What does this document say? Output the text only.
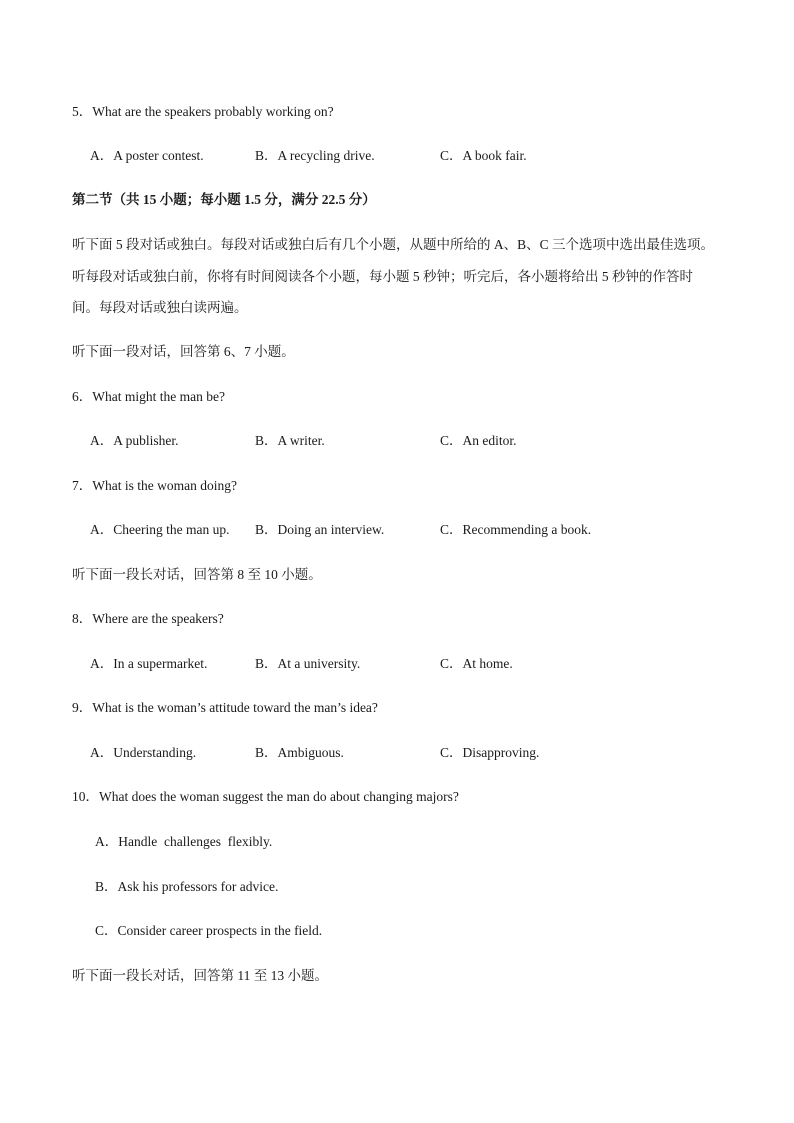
5．What are the speakers probably working on?
A．A poster contest.	B．A recycling drive.	C．A book fair.
第二节（共 15 小题；每小题 1.5 分，满分 22.5 分）
听下面 5 段对话或独白。每段对话或独白后有几个小题，从题中所给的 A、B、C 三个选项中选出最佳选项。
听每段对话或独白前，你将有时间阅读各个小题，每小题 5 秒钟；听完后，各小题将给出 5 秒钟的作答时
间。每段对话或独白读两遍。
听下面一段对话，回答第 6、7 小题。
6．What might the man be?
A．A publisher.	B．A writer.	C．An editor.
7．What is the woman doing?
A．Cheering the man up. B．Doing an interview.	C．Recommending a book.
听下面一段长对话，回答第 8 至 10 小题。
8．Where are the speakers?
A．In a supermarket.	B．At a university.	C．At home.
9．What is the woman’s attitude toward the man’s idea?
A．Understanding.	B．Ambiguous.	C．Disapproving.
10．What does the woman suggest the man do about changing majors?
A．Handle  challenges  flexibly.
B．Ask his professors for advice.
C．Consider career prospects in the field.
听下面一段长对话，回答第 11 至 13 小题。
